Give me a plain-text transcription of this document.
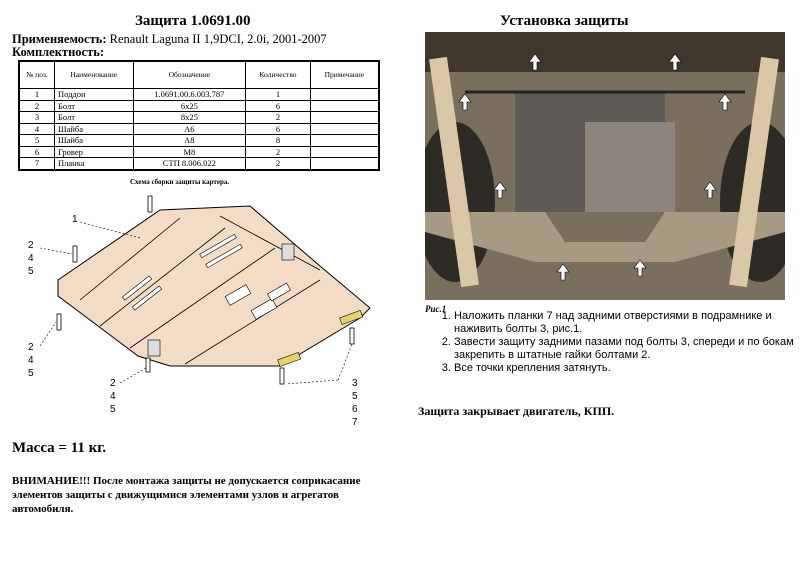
Защита 1.0691.00
Применяемость: Renault Laguna II 1,9DCI, 2.0i, 2001-2007
Комплектность:
№ поз.	Наименование	Обозначение	Количество	Примечание
1	Поддон	1.0691.00.6.003.787	1	
2	Болт	6х25	6	
3	Болт	8х25	2	
4	Шайба	А6	6	
5	Шайба	А8	8	
6	Гровер	М8	2	
7	Планка	СТП 8.006.022	2	
Схема сборки защиты картера.
1
2
4
5
2
4
5
2
4
5
3
5
6
7
Масса = 11 кг.
ВНИМАНИЕ!!! После монтажа защиты не допускается соприкасание элементов защиты с движущимися элементами узлов и агрегатов автомобиля.
Установка защиты
Рис.1
1. Наложить планки 7 над задними отверстиями в подрамнике и наживить болты 3, рис.1.
2. Завести защиту задними пазами под болты 3, спереди и по бокам закрепить в штатные гайки болтами 2.
3. Все точки крепления затянуть.
Защита закрывает двигатель, КПП.
